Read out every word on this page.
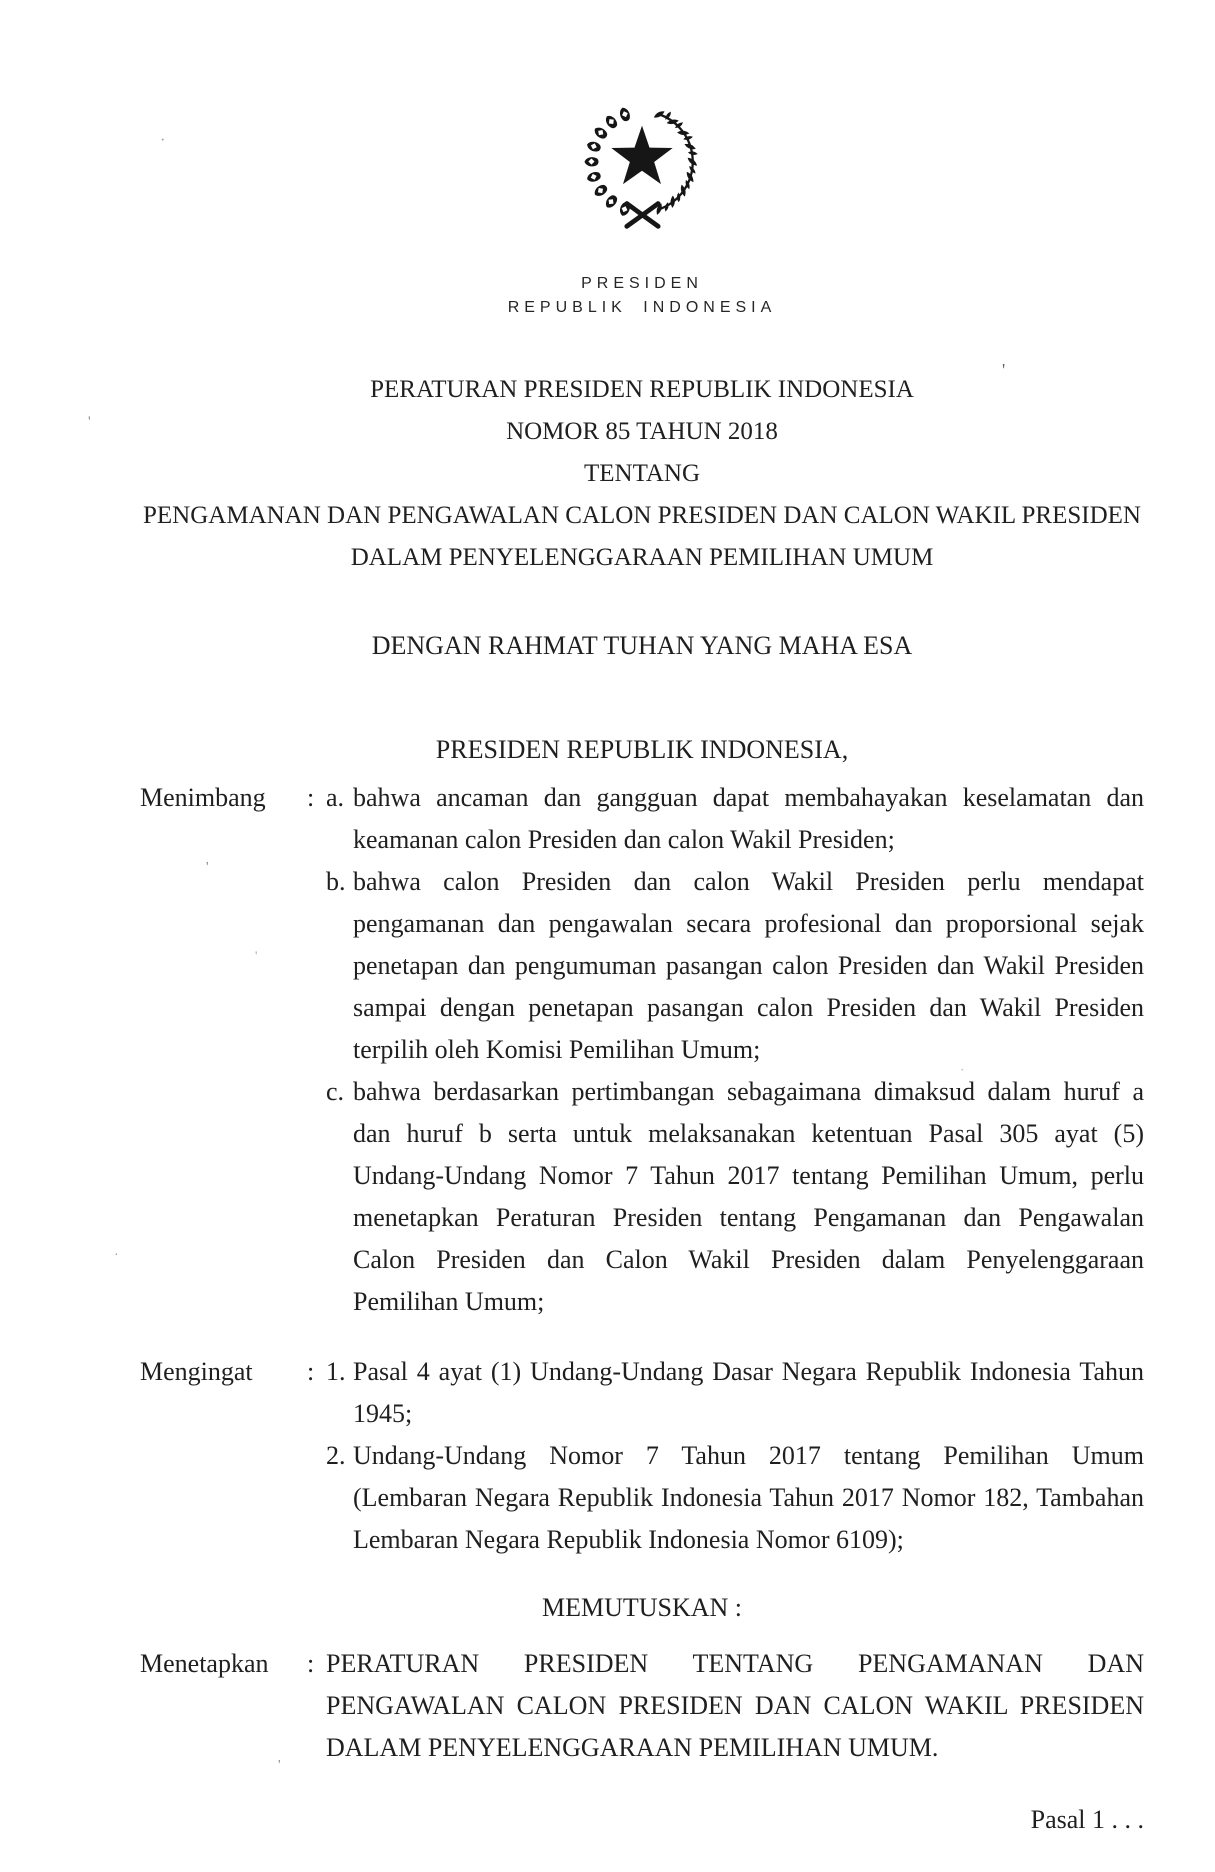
PRESIDEN
REPUBLIK INDONESIA
PERATURAN PRESIDEN REPUBLIK INDONESIA
NOMOR 85 TAHUN 2018
TENTANG
PENGAMANAN DAN PENGAWALAN CALON PRESIDEN DAN CALON WAKIL PRESIDEN
DALAM PENYELENGGARAAN PEMILIHAN UMUM
DENGAN RAHMAT TUHAN YANG MAHA ESA
PRESIDEN REPUBLIK INDONESIA,
Menimbang	: a. bahwa ancaman dan gangguan dapat membahayakan keselamatan dan keamanan calon Presiden dan calon Wakil Presiden;

b. bahwa calon Presiden dan calon Wakil Presiden perlu mendapat pengamanan dan pengawalan secara profesional dan proporsional sejak penetapan dan pengumuman pasangan calon Presiden dan Wakil Presiden sampai dengan penetapan pasangan calon Presiden dan Wakil Presiden terpilih oleh Komisi Pemilihan Umum;

c. bahwa berdasarkan pertimbangan sebagaimana dimaksud dalam huruf a dan huruf b serta untuk melaksanakan ketentuan Pasal 305 ayat (5) Undang-Undang Nomor 7 Tahun 2017 tentang Pemilihan Umum, perlu menetapkan Peraturan Presiden tentang Pengamanan dan Pengawalan Calon Presiden dan Calon Wakil Presiden dalam Penyelenggaraan Pemilihan Umum;

Mengingat	: 1. Pasal 4 ayat (1) Undang-Undang Dasar Negara Republik Indonesia Tahun 1945;

2. Undang-Undang Nomor 7 Tahun 2017 tentang Pemilihan Umum (Lembaran Negara Republik Indonesia Tahun 2017 Nomor 182, Tambahan Lembaran Negara Republik Indonesia Nomor 6109);

MEMUTUSKAN :
Menetapkan	: PERATURAN PRESIDEN TENTANG PENGAMANAN DAN PENGAWALAN CALON PRESIDEN DAN CALON WAKIL PRESIDEN DALAM PENYELENGGARAAN PEMILIHAN UMUM.

Pasal 1 . . .
'
'
'
·
'
·
·
'
